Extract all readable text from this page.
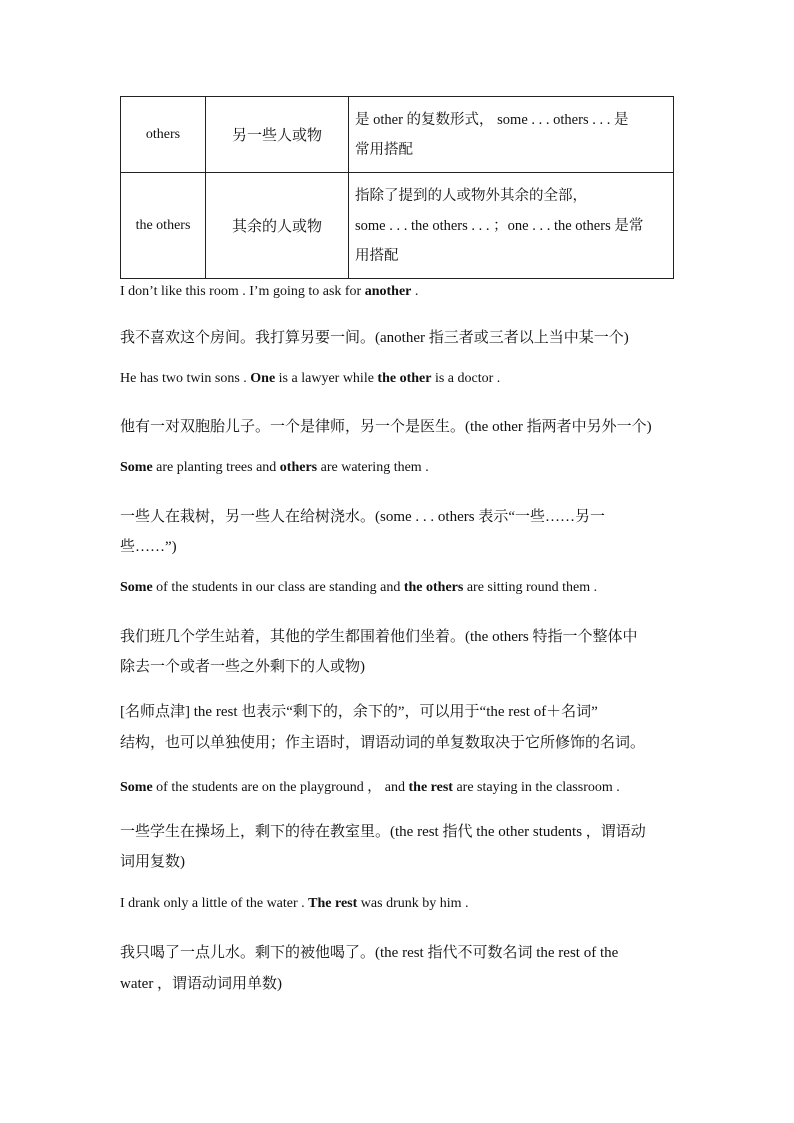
others	另一些人或物	是 other 的复数形式， some . . . others . . . 是
常用搭配

the others	其余的人或物	指除了提到的人或物外其余的全部，
some . . . the others . . . ；one . . . the others 是常
用搭配
I don’t like this room . I’m going to ask for another .
我不喜欢这个房间。我打算另要一间。(another 指三者或三者以上当中某一个)
He has two twin sons . One is a lawyer while the other is a doctor .
他有一对双胞胎儿子。一个是律师，另一个是医生。(the other 指两者中另外一个)
Some are planting trees and others are watering them .
一些人在栽树，另一些人在给树浇水。(some . . . others 表示“一些……另一
些……”)
Some of the students in our class are standing and the others are sitting round them .
我们班几个学生站着，其他的学生都围着他们坐着。(the others 特指一个整体中
除去一个或者一些之外剩下的人或物)
[名师点津] the rest 也表示“剩下的，余下的”，可以用于“the rest of＋名词”
结构，也可以单独使用；作主语时，谓语动词的单复数取决于它所修饰的名词。
Some of the students are on the playground ， and the rest are staying in the classroom .
一些学生在操场上，剩下的待在教室里。(the rest 指代 the other students ，谓语动
词用复数)
I drank only a little of the water . The rest was drunk by him .
我只喝了一点儿水。剩下的被他喝了。(the rest 指代不可数名词 the rest of the
water ，谓语动词用单数)
